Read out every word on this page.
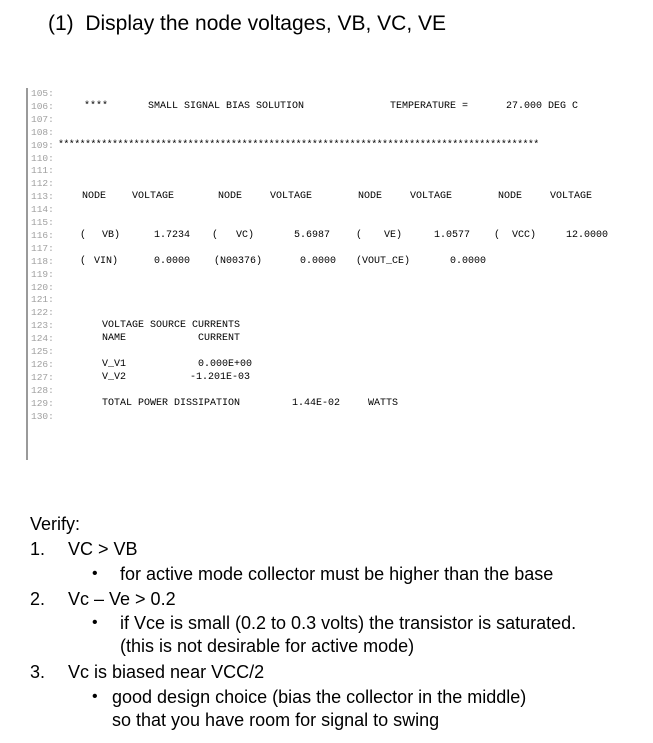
(1)  Display the node voltages, VB, VC, VE
105:
106:	****	SMALL SIGNAL BIAS SOLUTION	TEMPERATURE =	27.000 DEG C
107:
108:
109: *****************************************************************************************
110:
111:
112:
113:	NODE	VOLTAGE	NODE	VOLTAGE	NODE	VOLTAGE	NODE	VOLTAGE
114:
115:
116:	( VB)	1.7234 ( VC)	5.6987	( VE)	1.0577 ( VCC)	12.0000
117:
118:	( VIN)	0.0000 (N00376)	0.0000 (VOUT_CE)	0.0000
119:
120:
121:
122:
123:	VOLTAGE SOURCE CURRENTS
124:	NAME	CURRENT
125:
126:	V_V1	0.000E+00
127:	V_V2	-1.201E-03
128:
129:	TOTAL POWER DISSIPATION	1.44E-02	WATTS
130:
Verify:
1. VC > VB
• for active mode collector must be higher than the base
2. Vc – Ve > 0.2
• if Vce is small (0.2 to 0.3 volts) the transistor is saturated.
(this is not desirable for active mode)
3. Vc is biased near VCC/2
• good design choice (bias the collector in the middle)
so that you have room for signal to swing
